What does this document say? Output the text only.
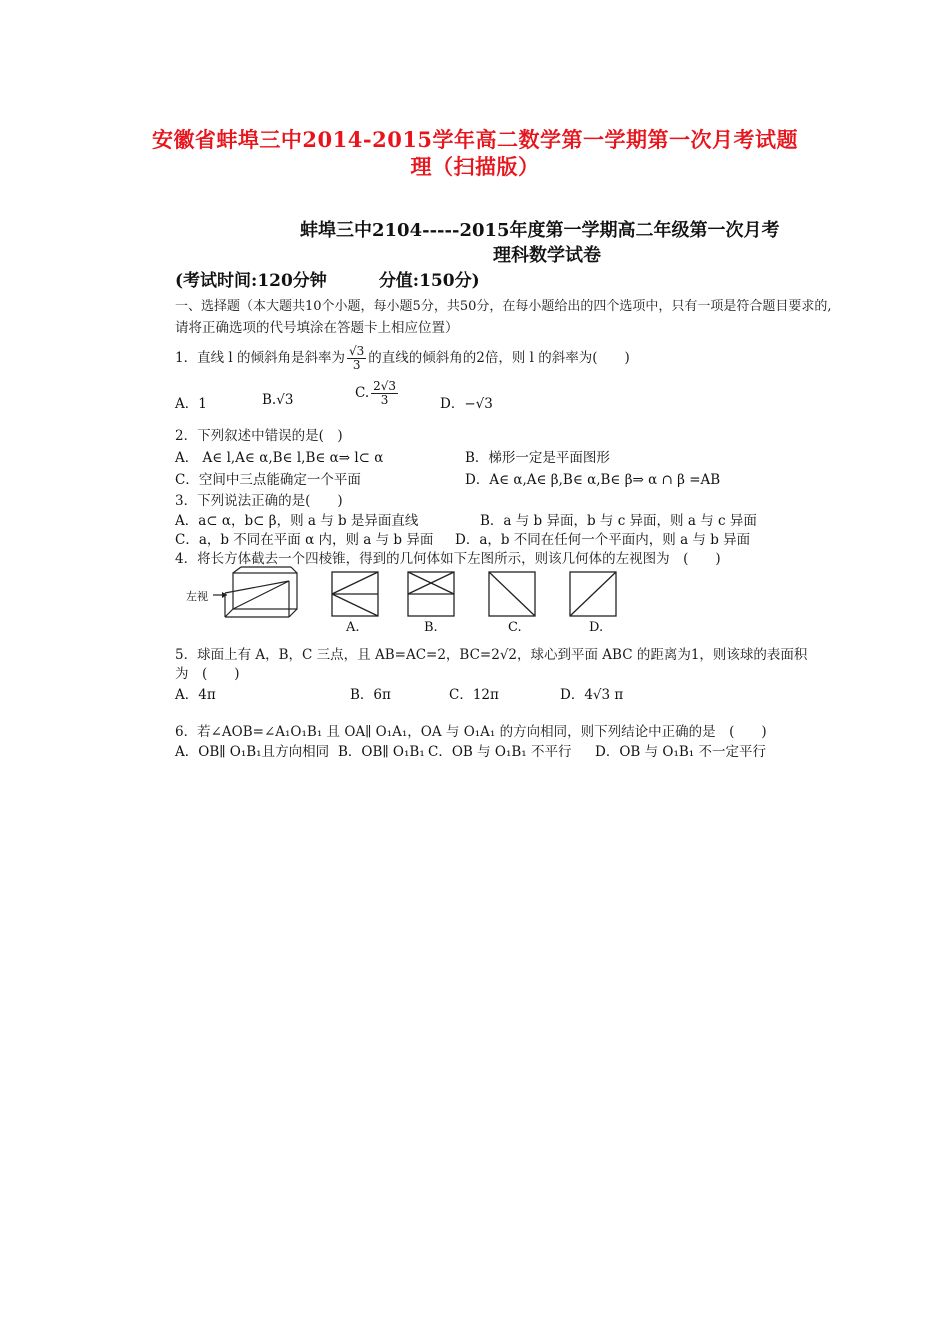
安徽省蚌埠三中2014-2015学年高二数学第一学期第一次月考试题
理（扫描版）
蚌埠三中2104-----2015年度第一学期高二年级第一次月考
理科数学试卷
(考试时间:120分钟	分值:150分)
一、选择题（本大题共10个小题，每小题5分，共50分，在每小题给出的四个选项中，只有一项是符合题目要求的,
请将正确选项的代号填涂在答题卡上相应位置）
1．直线 l 的倾斜角是斜率为 $\frac{√3}{3}$ 的直线的倾斜角的2倍，则 l 的斜率为(　　)
A．1	B.√3	C. $\frac{2√3}{3}$	D．−√3
2．下列叙述中错误的是(　)
A． A∈ l,A∈ α,B∈ l,B∈ α⇒ l⊂ α	B．梯形一定是平面图形
C．空间中三点能确定一个平面	D．A∈ α,A∈ β,B∈ α,B∈ β⇒ α ∩ β =AB
3．下列说法正确的是(　　)
A．a⊂ α，b⊂ β，则 a 与 b 是异面直线	B．a 与 b 异面，b 与 c 异面，则 a 与 c 异面
C．a，b 不同在平面 α 内，则 a 与 b 异面 D．a，b 不同在任何一个平面内，则 a 与 b 异面
4．将长方体截去一个四棱锥，得到的几何体如下左图所示，则该几何体的左视图为　(　　)
左视
A.	B.	C.	D.
5．球面上有 A，B，C 三点，且 AB=AC=2，BC=2√2，球心到平面 ABC 的距离为1，则该球的表面积
为　(　　)
A．4π	B．6π	C．12π	D．4√3 π
6．若∠AOB=∠A₁O₁B₁ 且 OA∥ O₁A₁，OA 与 O₁A₁ 的方向相同，则下列结论中正确的是　(　　)
A．OB∥ O₁B₁且方向相同 B．OB∥ O₁B₁ C．OB 与 O₁B₁ 不平行 D．OB 与 O₁B₁ 不一定平行
